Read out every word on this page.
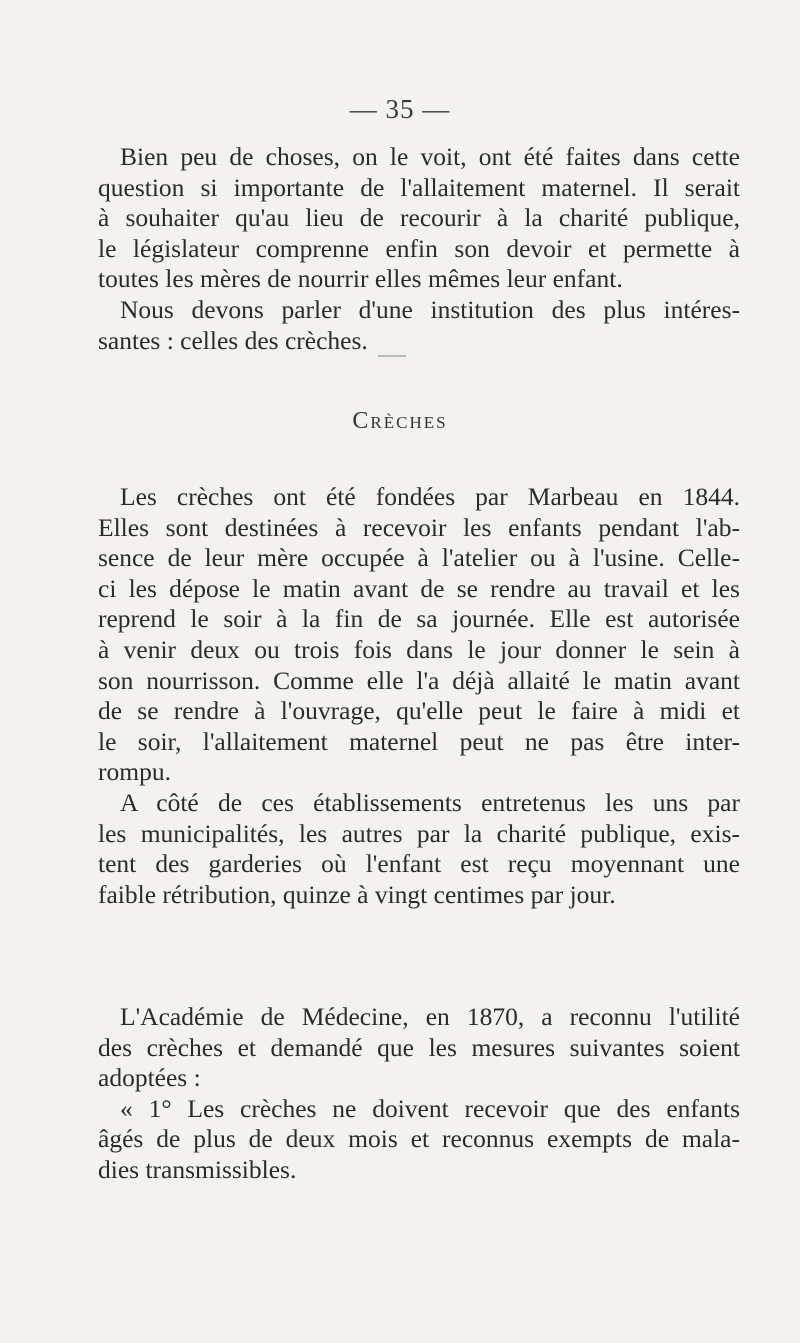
— 35 —
Bien peu de choses, on le voit, ont été faites dans cette
question si importante de l'allaitement maternel. Il serait
à souhaiter qu'au lieu de recourir à la charité publique,
le législateur comprenne enfin son devoir et permette à
toutes les mères de nourrir elles mêmes leur enfant.
Nous devons parler d'une institution des plus intéres-
santes : celles des crèches.
Crèches
Les crèches ont été fondées par Marbeau en 1844.
Elles sont destinées à recevoir les enfants pendant l'ab-
sence de leur mère occupée à l'atelier ou à l'usine. Celle-
ci les dépose le matin avant de se rendre au travail et les
reprend le soir à la fin de sa journée. Elle est autorisée
à venir deux ou trois fois dans le jour donner le sein à
son nourrisson. Comme elle l'a déjà allaité le matin avant
de se rendre à l'ouvrage, qu'elle peut le faire à midi et
le soir, l'allaitement maternel peut ne pas être inter-
rompu.
A côté de ces établissements entretenus les uns par
les municipalités, les autres par la charité publique, exis-
tent des garderies où l'enfant est reçu moyennant une
faible rétribution, quinze à vingt centimes par jour.
L'Académie de Médecine, en 1870, a reconnu l'utilité
des crèches et demandé que les mesures suivantes soient
adoptées :
« 1° Les crèches ne doivent recevoir que des enfants
âgés de plus de deux mois et reconnus exempts de mala-
dies transmissibles.
